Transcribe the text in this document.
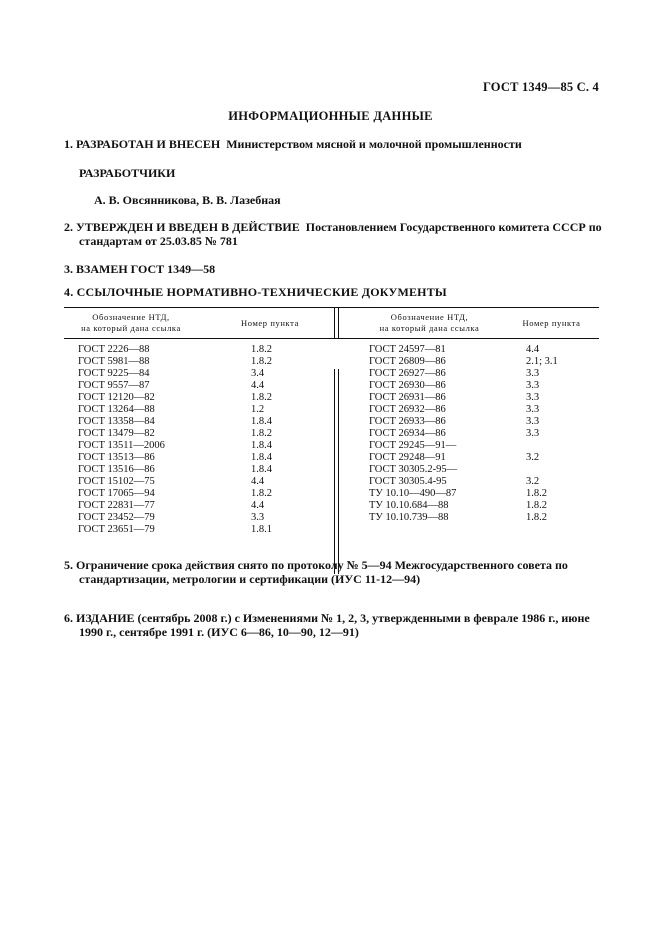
ГОСТ 1349—85 С. 4
ИНФОРМАЦИОННЫЕ ДАННЫЕ
1. РАЗРАБОТАН И ВНЕСЕН Министерством мясной и молочной промышленности
РАЗРАБОТЧИКИ
А. В. Овсянникова, В. В. Лазебная
2. УТВЕРЖДЕН И ВВЕДЕН В ДЕЙСТВИЕ Постановлением Государственного комитета СССР по
стандартам от 25.03.85 № 781
3. ВЗАМЕН ГОСТ 1349—58
4. ССЫЛОЧНЫЕ НОРМАТИВНО-ТЕХНИЧЕСКИЕ ДОКУМЕНТЫ
Обозначение НТД,
на который дана ссылка	Номер пункта
Обозначение НТД,
на который дана ссылка	Номер пункта
ГОСТ 2226—88
ГОСТ 5981—88
ГОСТ 9225—84
ГОСТ 9557—87
ГОСТ 12120—82
ГОСТ 13264—88
ГОСТ 13358—84
ГОСТ 13479—82
ГОСТ 13511—2006
ГОСТ 13513—86
ГОСТ 13516—86
ГОСТ 15102—75
ГОСТ 17065—94
ГОСТ 22831—77
ГОСТ 23452—79
ГОСТ 23651—79
1.8.2
1.8.2
3.4
4.4
1.8.2
1.2
1.8.4
1.8.2
1.8.4
1.8.4
1.8.4
4.4
1.8.2
4.4
3.3
1.8.1
ГОСТ 24597—81
ГОСТ 26809—86
ГОСТ 26927—86
ГОСТ 26930—86
ГОСТ 26931—86
ГОСТ 26932—86
ГОСТ 26933—86
ГОСТ 26934—86
ГОСТ 29245—91—
ГОСТ 29248—91
ГОСТ 30305.2-95—
ГОСТ 30305.4-95
ТУ 10.10—490—87
ТУ 10.10.684—88
ТУ 10.10.739—88
4.4
2.1; 3.1
3.3
3.3
3.3
3.3
3.3
3.3
3.2
3.2
1.8.2
1.8.2
1.8.2
5. Ограничение срока действия снято по протоколу № 5—94 Межгосударственного совета по
стандартизации, метрологии и сертификации (ИУС 11-12—94)
6. ИЗДАНИЕ (сентябрь 2008 г.) с Изменениями № 1, 2, 3, утвержденными в феврале 1986 г., июне
1990 г., сентябре 1991 г. (ИУС 6—86, 10—90, 12—91)
